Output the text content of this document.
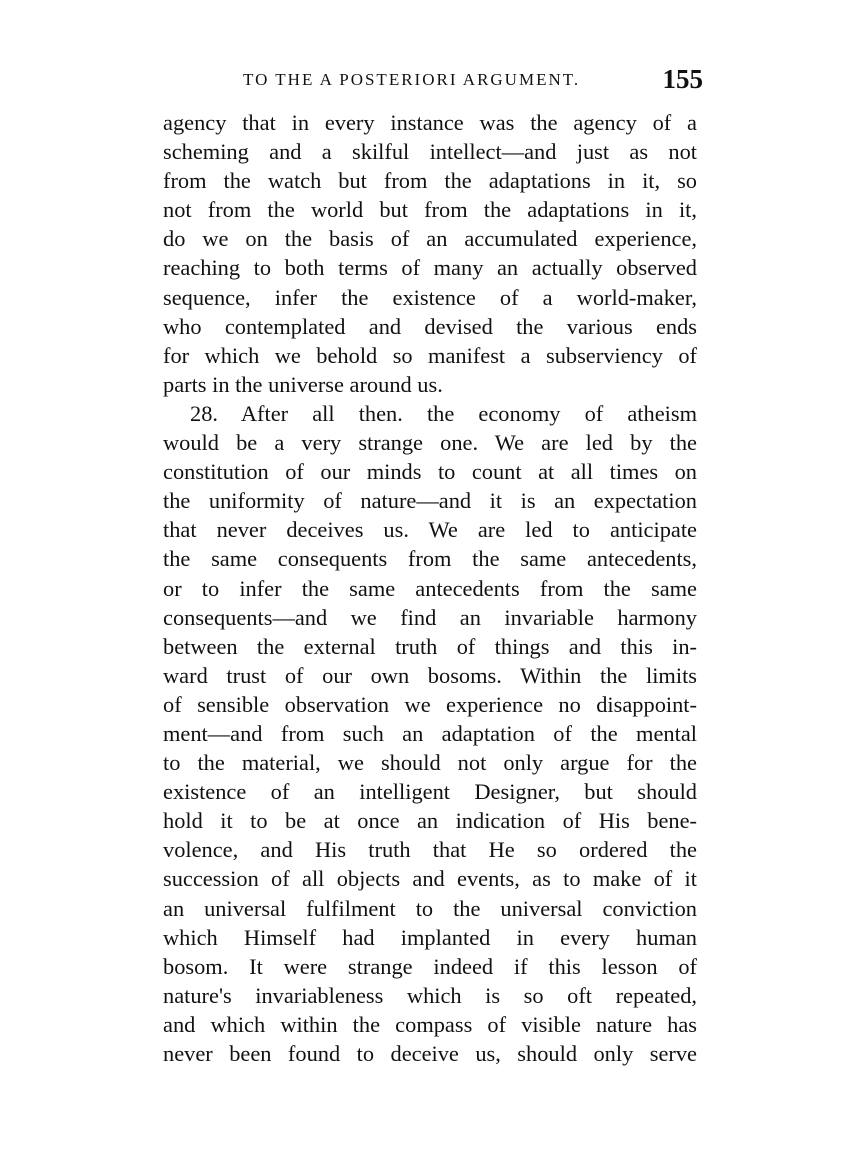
TO THE A POSTERIORI ARGUMENT.	155
agency that in every instance was the agency of a
scheming and a skilful intellect—and just as not
from the watch but from the adaptations in it, so
not from the world but from the adaptations in it,
do we on the basis of an accumulated experience,
reaching to both terms of many an actually observed
sequence, infer the existence of a world-maker,
who contemplated and devised the various ends
for which we behold so manifest a subserviency of
parts in the universe around us.
28. After all then. the economy of atheism
would be a very strange one. We are led by the
constitution of our minds to count at all times on
the uniformity of nature—and it is an expectation
that never deceives us. We are led to anticipate
the same consequents from the same antecedents,
or to infer the same antecedents from the same
consequents—and we find an invariable harmony
between the external truth of things and this in-
ward trust of our own bosoms. Within the limits
of sensible observation we experience no disappoint-
ment—and from such an adaptation of the mental
to the material, we should not only argue for the
existence of an intelligent Designer, but should
hold it to be at once an indication of His bene-
volence, and His truth that He so ordered the
succession of all objects and events, as to make of it
an universal fulfilment to the universal conviction
which Himself had implanted in every human
bosom. It were strange indeed if this lesson of
nature's invariableness which is so oft repeated,
and which within the compass of visible nature has
never been found to deceive us, should only serve
